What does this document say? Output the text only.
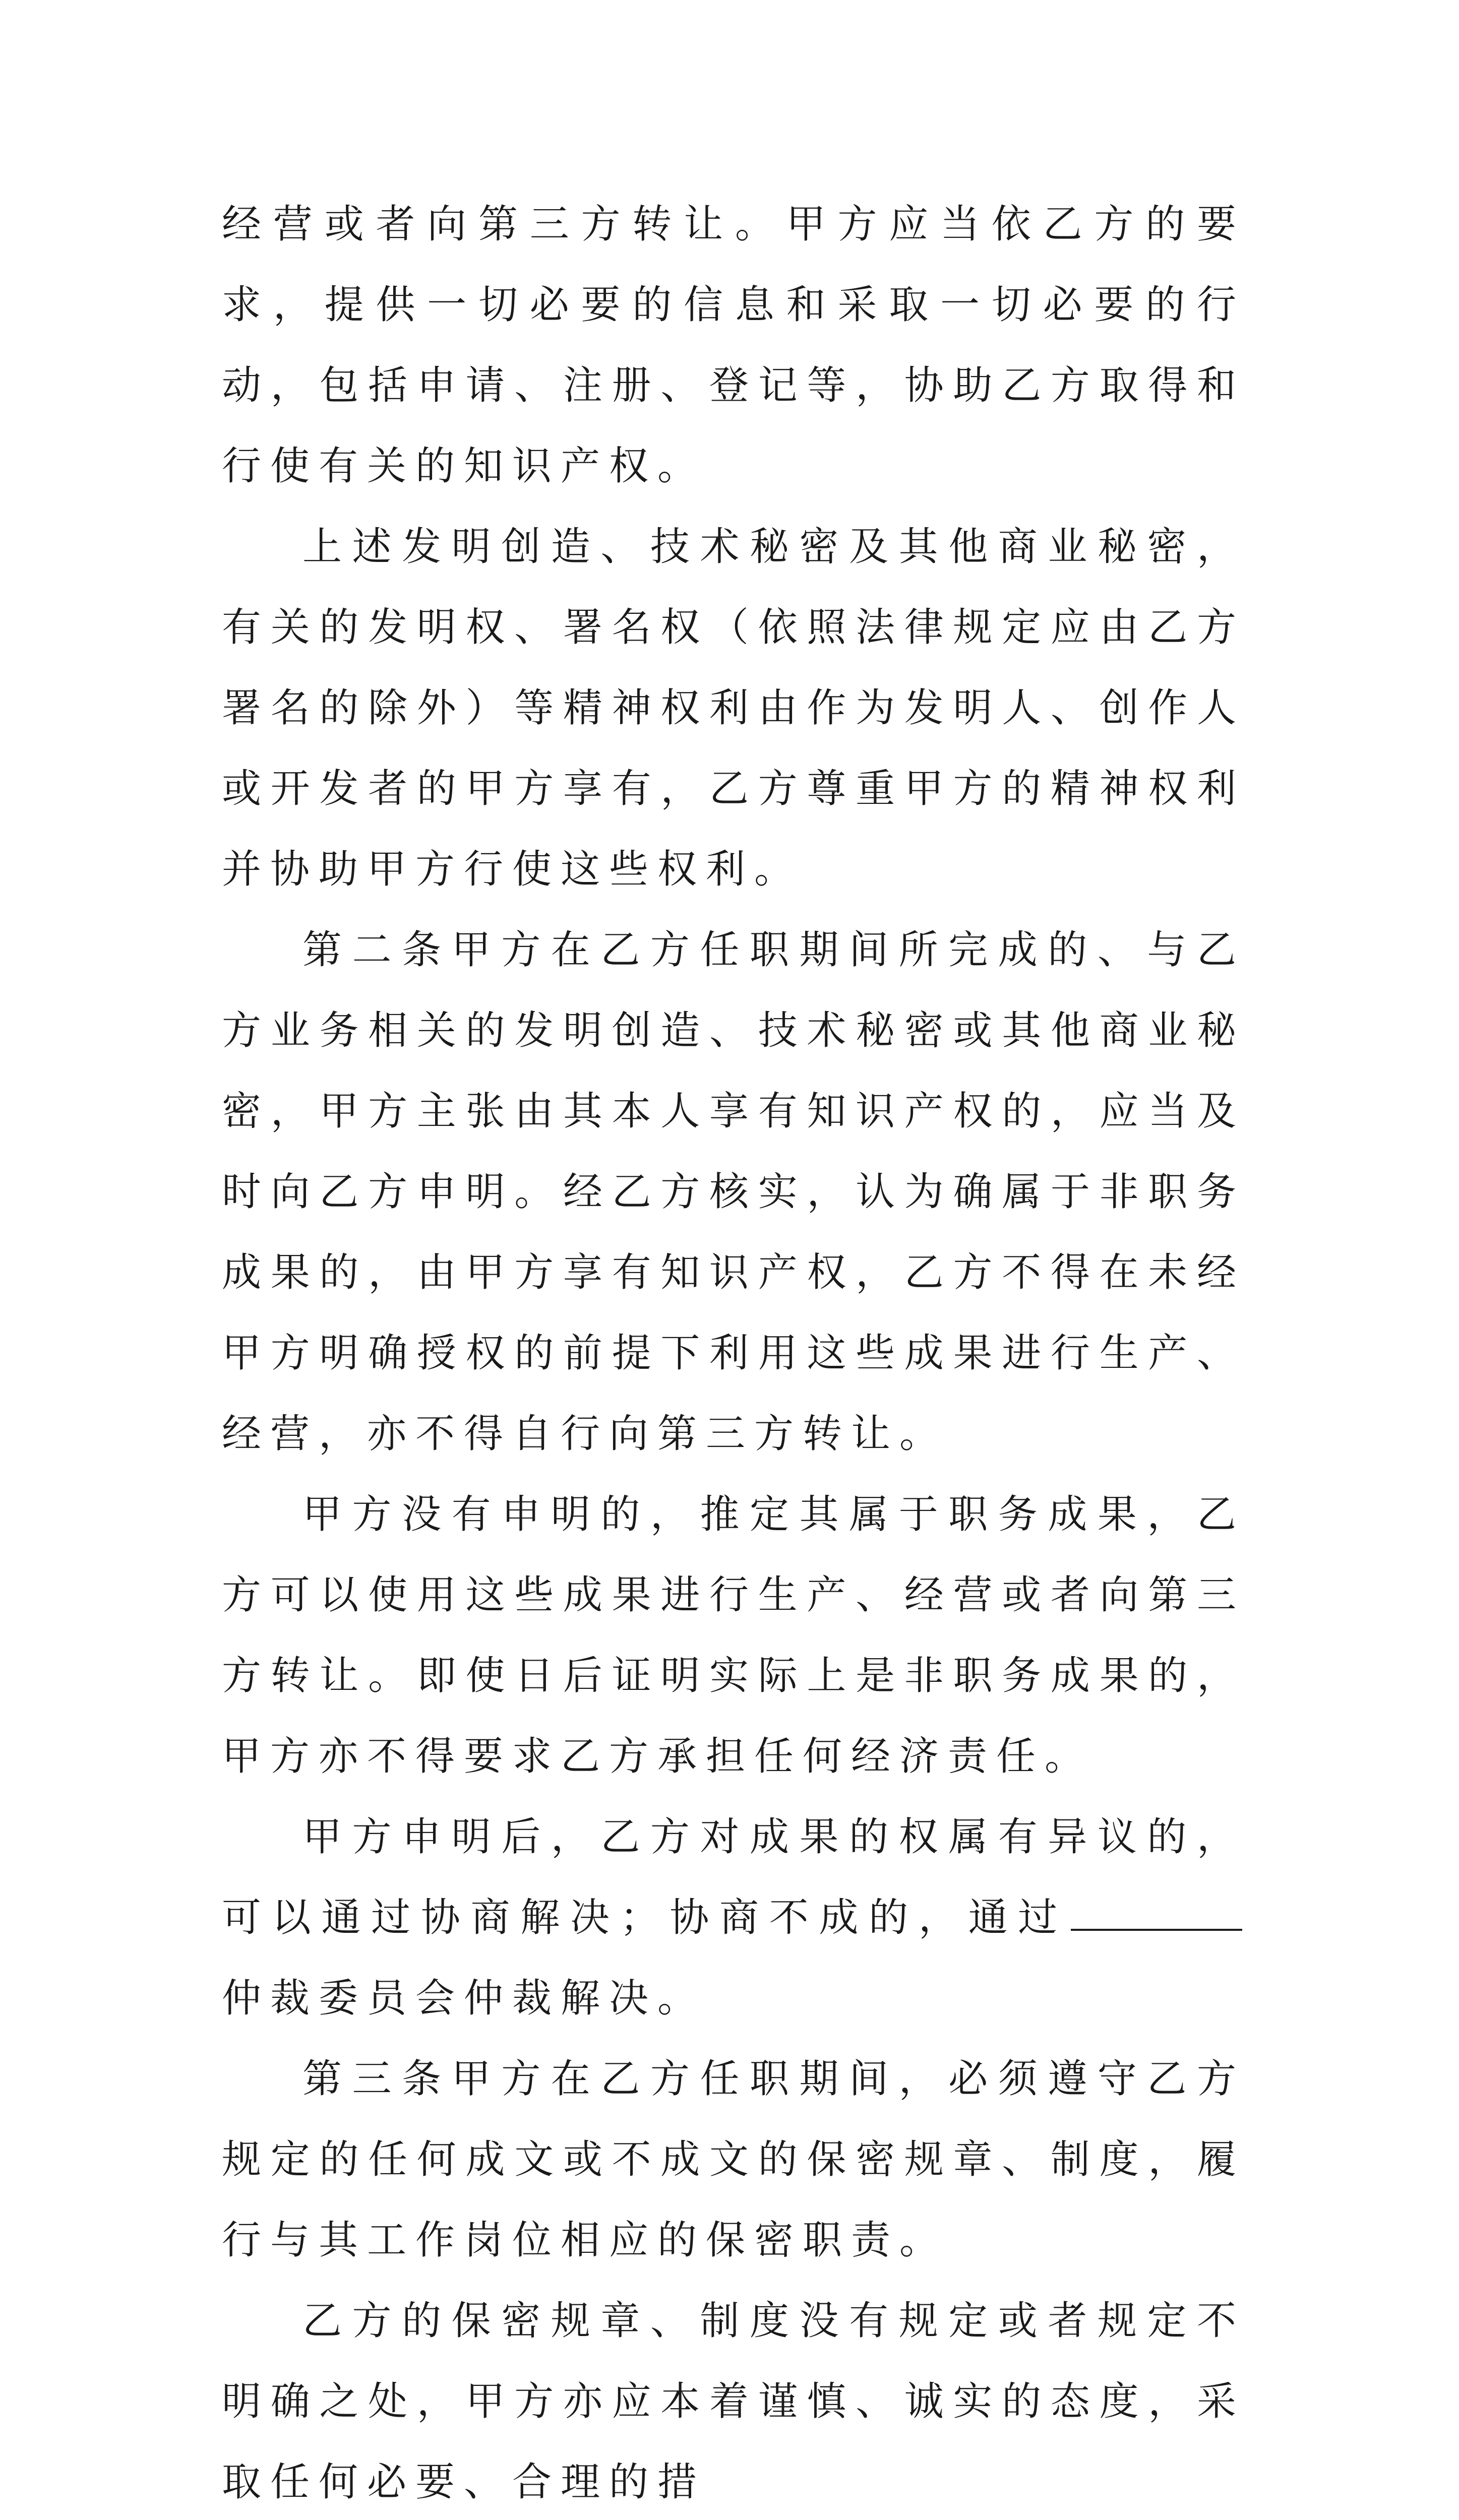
经营或者向第三方转让。甲方应当依乙方的要求，提供一切必要的信息和采取一切必要的行动，包括申请、注册、登记等，协助乙方取得和行使有关的知识产权。

上述发明创造、技术秘密及其他商业秘密，有关的发明权、署名权（依照法律规定应由乙方署名的除外）等精神权利由作为发明人、创作人或开发者的甲方享有，乙方尊重甲方的精神权利并协助甲方行使这些权利。

第二条甲方在乙方任职期间所完成的、与乙方业务相关的发明创造、技术秘密或其他商业秘密，甲方主张由其本人享有知识产权的，应当及时向乙方申明。经乙方核实，认为确属于非职务成果的，由甲方享有知识产权，乙方不得在未经甲方明确授权的前提下利用这些成果进行生产、经营，亦不得自行向第三方转让。

甲方没有申明的，推定其属于职务成果，乙方可以使用这些成果进行生产、经营或者向第三方转让。即使日后证明实际上是非职务成果的，甲方亦不得要求乙方承担任何经济责任。

甲方申明后，乙方对成果的权属有异议的，可以通过协商解决；协商不成的，通过仲裁委员会仲裁解决。

第三条甲方在乙方任职期间，必须遵守乙方规定的任何成文或不成文的保密规章、制度，履行与其工作岗位相应的保密职责。

乙方的保密规章、制度没有规定或者规定不明确之处，甲方亦应本着谨慎、诚实的态度，采取任何必要、合理的措
